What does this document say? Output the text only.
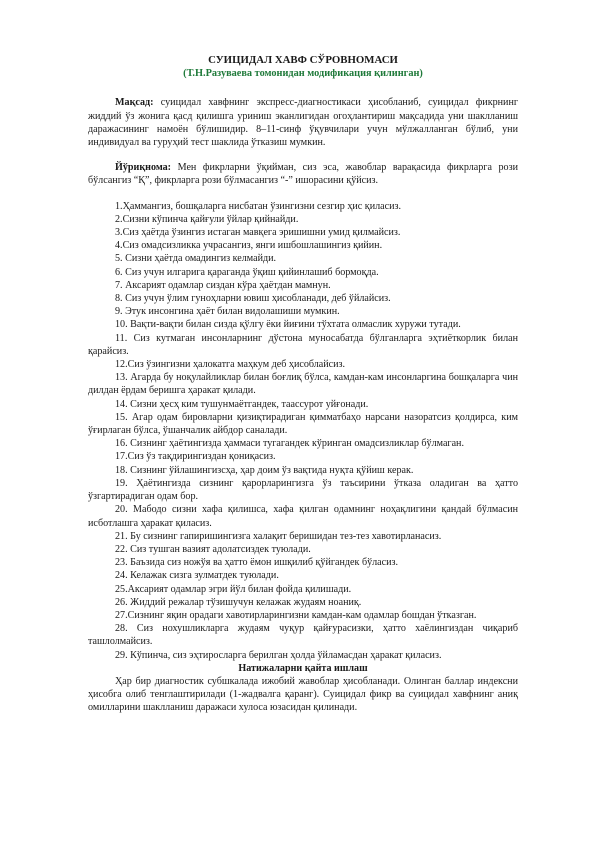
СУИЦИДАЛ ХАВФ СЎРОВНОМАСИ

(Т.Н.Разуваева томонидан модификация қилинган)

Мақсад: суицидал хавфнинг экспресс-диагностикаси ҳисобланиб, суицидал фикрнинг жиддий ўз жонига қасд қилишга уриниш эканлигидан огоҳлантириш мақсадида уни шаклланиш даражасининг намоён бўлишидир. 8–11-синф ўқувчилари учун мўлжалланган бўлиб, уни индивидуал ва гуруҳий тест шаклида ўтказиш мумкин.

Йўриқнома: Мен фикрларни ўқийман, сиз эса, жавоблар варақасида фикрларга рози бўлсангиз “Қ”, фикрларга рози бўлмасангиз “-” ишорасини қўйсиз.

1.Ҳаммангиз, бошқаларга нисбатан ўзингизни сезгир ҳис қиласиз.
2.Сизни кўпинча қайғули ўйлар қийнайди.
3.Сиз ҳаётда ўзингиз истаган мавқега эришишни умид қилмайсиз.
4.Сиз омадсизликка учрасангиз, янги ишбошлашингиз қийин.
5. Сизни ҳаётда омадингиз келмайди.
6. Сиз учун илгарига қараганда ўқиш қийинлашиб бормоқда.
7. Аксарият одамлар сиздан кўра ҳаётдан мамнун.
8. Сиз учун ўлим гуноҳларни ювиш ҳисобланади, деб ўйлайсиз.
9. Этук инсонгина ҳаёт билан видолашиши мумкин.
10. Вақти-вақти билан сизда қўлгу ёки йиғини тўхтата олмаслик хуружи тутади.
11. Сиз кутмаган инсонларнинг дўстона муносабатда бўлганларга эҳтиёткорлик билан қарайсиз.
12.Сиз ўзингизни ҳалокатга маҳкум деб ҳисоблайсиз.
13. Агарда бу ноқулайликлар билан боғлиқ бўлса, камдан-кам инсонларгина бошқаларга чин дилдан ёрдам беришга ҳаракат қилади.
14. Сизни ҳесҳ ким тушунмаётгандек, таассурот уйғонади.
15. Агар одам бировларни қизиқтирадиган қимматбаҳо нарсани назоратсиз қолдирса, ким ўғирлаган бўлса, ўшанчалик айбдор саналади.
16. Сизнинг ҳаётингизда ҳаммаси тугагандек кўринган омадсизликлар бўлмаган.
17.Сиз ўз тақдирингиздан қониқасиз.
18. Сизнинг ўйлашингизсҳа, ҳар доим ўз вақтида нуқта қўйиш керак.
19. Ҳаётингизда сизнинг қарорларингизга ўз таъсирини ўтказа оладиган ва ҳатто ўзгартирадиган одам бор.
20. Мабодо сизни хафа қилишса, хафа қилган одамнинг ноҳақлигини қандай бўлмасин исботлашга ҳаракат қиласиз.
21. Бу сизнинг гапиришингизга халақит беришидан тез-тез хавотирланасиз.
22. Сиз тушган вазият адолатсиздек туюлади.
23. Баъзида сиз ножўя ва ҳатто ёмон ишқилиб қўйгандек бўласиз.
24. Келажак сизга зулматдек туюлади.
25.Аксарият одамлар эгри йўл билан фойда қилишади.
26. Жиддий режалар тўзишучун келажак жудаям ноаниқ.
27.Сизнинг яқин орадаги хавотирларингизни камдан-кам одамлар бошдан ўтказган.
28. Сиз нохушликларга жудаям чуқур қайғурасизки, ҳатто хаёлингиздан чиқариб ташлолмайсиз.
29. Кўпинча, сиз эҳтиросларга берилган ҳолда ўйламасдан ҳаракат қиласиз.

Натижаларни қайта ишлаш

Ҳар бир диагностик субшкалада ижобий жавоблар ҳисобланади. Олинган баллар индексни ҳисобга олиб тенглаштирилади (1-жадвалга қаранг). Суицидал фикр ва суицидал хавфнинг аниқ омилларини шаклланиш даражаси хулоса юзасидан қилинади.
